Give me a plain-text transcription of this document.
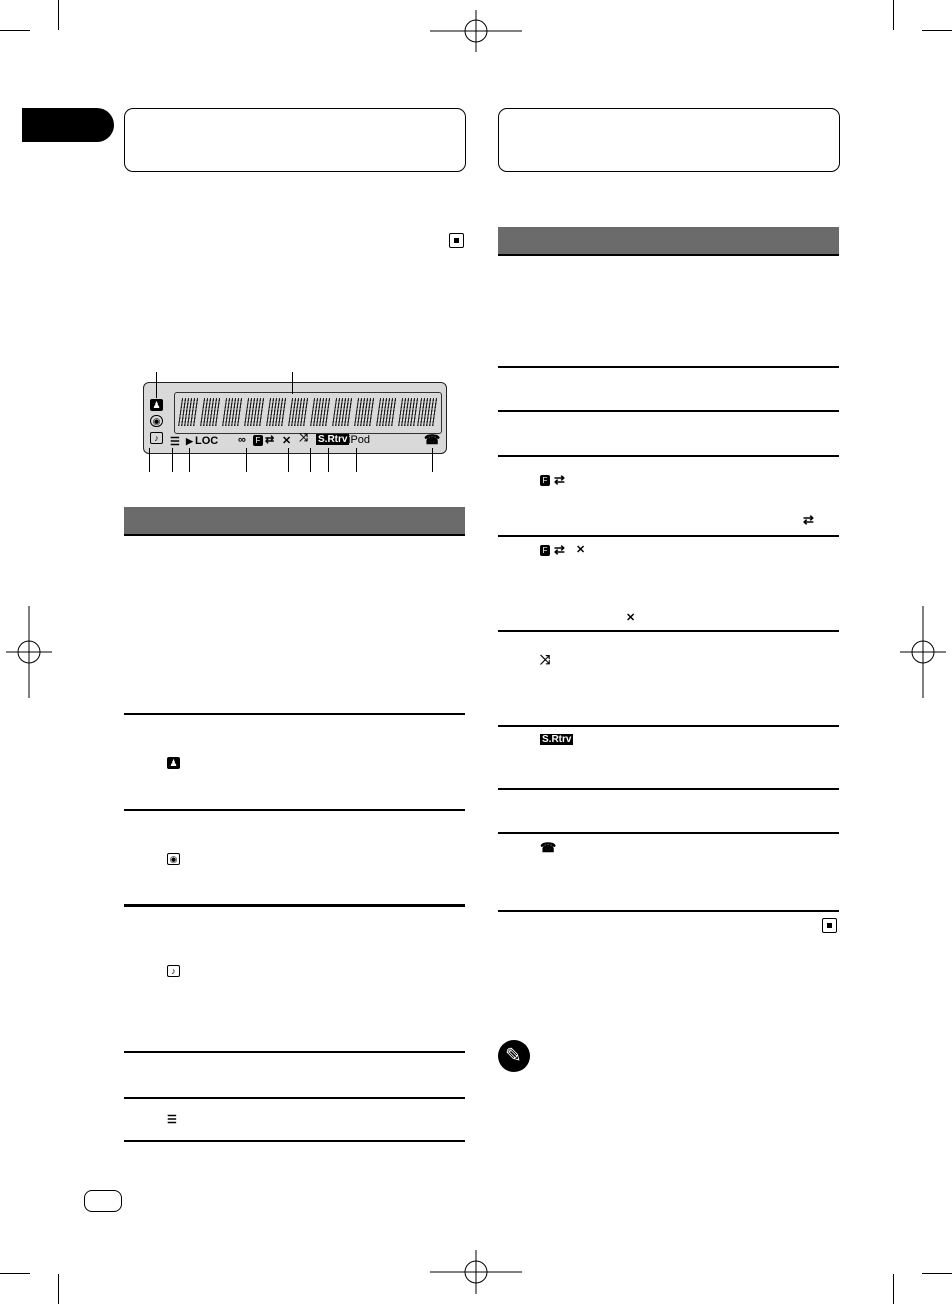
♟
◉
♪	☰ ▶ LOC ∞	F ⇄ ✕ ⤨ S.Rtrv iPod	☎
♟
◉
♪
☰
F ⇄
⇄
F ⇄ ✕
✕
⤨
S.Rtrv
☎
✎
